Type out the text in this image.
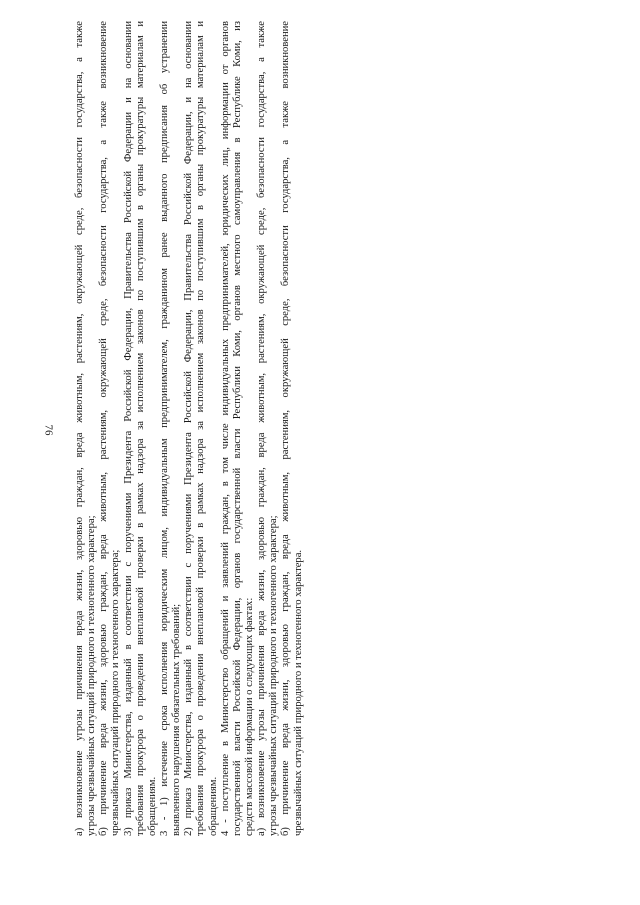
76 а) возникновение угрозы причинения вреда жизни, здоровью граждан, вреда животным, растениям, окружающей среде, безопасности государства, а также угрозы чрезвычайных ситуаций природного и техногенного характера; б) причинение вреда жизни, здоровью граждан, вреда животным, растениям, окружающей среде, безопасности государства, а также возникновение чрезвычайных ситуаций природного и техногенного характера; 3) приказ Министерства, изданный в соответствии с поручениями Президента Российской Федерации, Правительства Российской Федерации и на основании требования прокурора о проведении внеплановой проверки в рамках надзора за исполнением законов по поступившим в органы прокуратуры материалам и обращениям. 3 - 1) истечение срока исполнения юридическим лицом, индивидуальным предпринимателем, гражданином ранее выданного предписания об устранении выявленного нарушения обязательных требований; 2) приказ Министерства, изданный в соответствии с поручениями Президента Российской Федерации, Правительства Российской Федерации, и на основании требования прокурора о проведении внеплановой проверки в рамках надзора за исполнением законов по поступившим в органы прокуратуры материалам и обращениям. 4 - поступление в Министерство обращений и заявлений граждан, в том числе индивидуальных предпринимателей, юридических лиц, информации от органов государственной власти Российской Федерации, органов государственной власти Республики Коми, органов местного самоуправления в Республике Коми, из средств массовой информации о следующих фактах: а) возникновение угрозы причинения вреда жизни, здоровью граждан, вреда животным, растениям, окружающей среде, безопасности государства, а также угрозы чрезвычайных ситуаций природного и техногенного характера; б) причинение вреда жизни, здоровью граждан, вреда животным, растениям, окружающей среде, безопасности государства, а также возникновение чрезвычайных ситуаций природного и техногенного характера.
